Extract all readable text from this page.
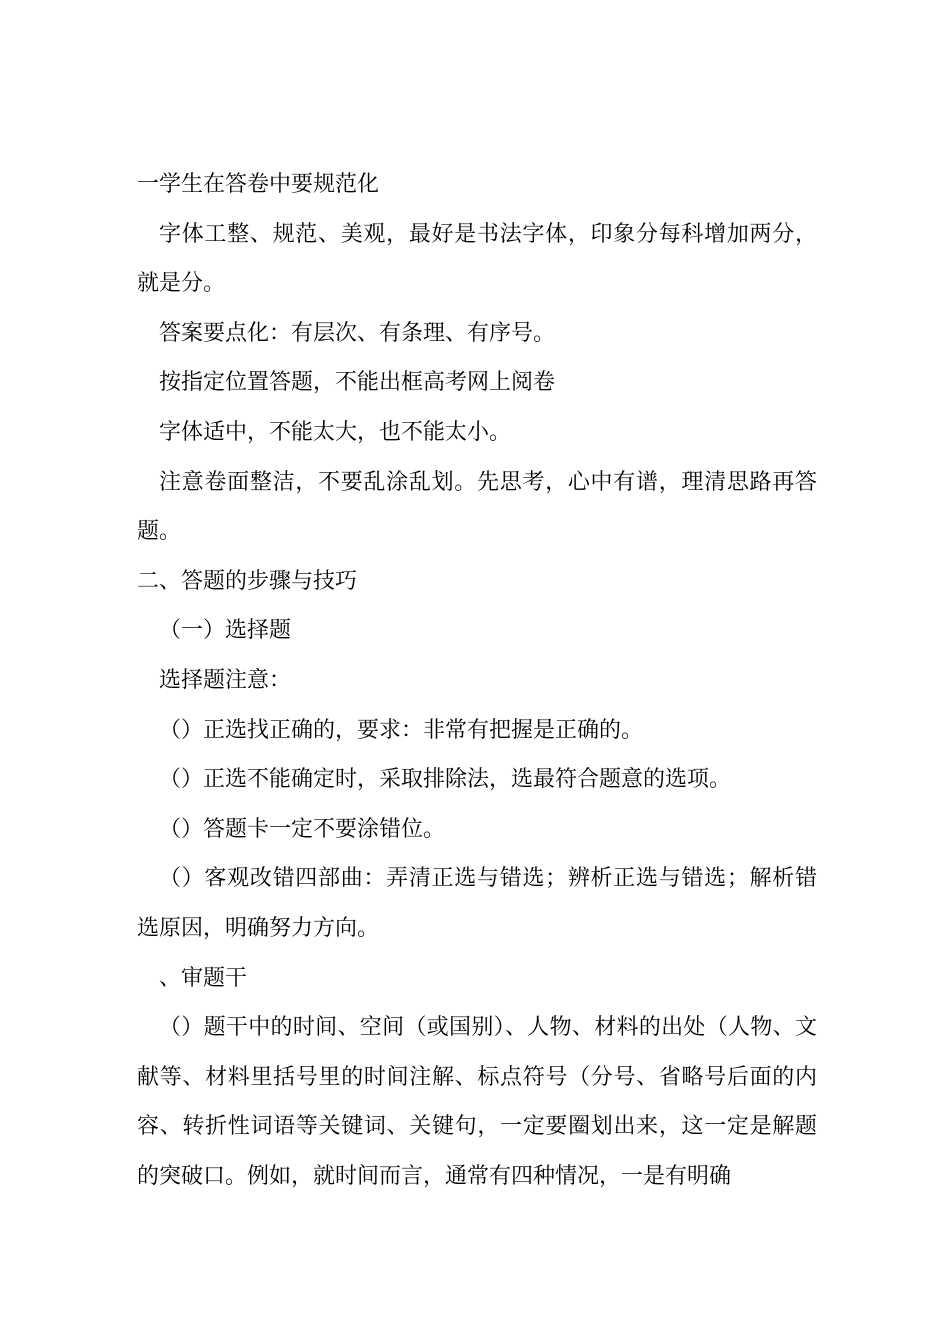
一学生在答卷中要规范化

字体工整、规范、美观，最好是书法字体，印象分每科增加两分，就是分。

答案要点化：有层次、有条理、有序号。

按指定位置答题，不能出框高考网上阅卷

字体适中，不能太大，也不能太小。

注意卷面整洁，不要乱涂乱划。先思考，心中有谱，理清思路再答题。

二、答题的步骤与技巧

（一）选择题

选择题注意：

（）正选找正确的，要求：非常有把握是正确的。

（）正选不能确定时，采取排除法，选最符合题意的选项。

（）答题卡一定不要涂错位。

（）客观改错四部曲：弄清正选与错选；辨析正选与错选；解析错选原因，明确努力方向。

、审题干

（）题干中的时间、空间（或国别）、人物、材料的出处（人物、文献等、材料里括号里的时间注解、标点符号（分号、省略号后面的内容、转折性词语等关键词、关键句，一定要圈划出来，这一定是解题的突破口。例如，就时间而言，通常有四种情况，一是有明确
